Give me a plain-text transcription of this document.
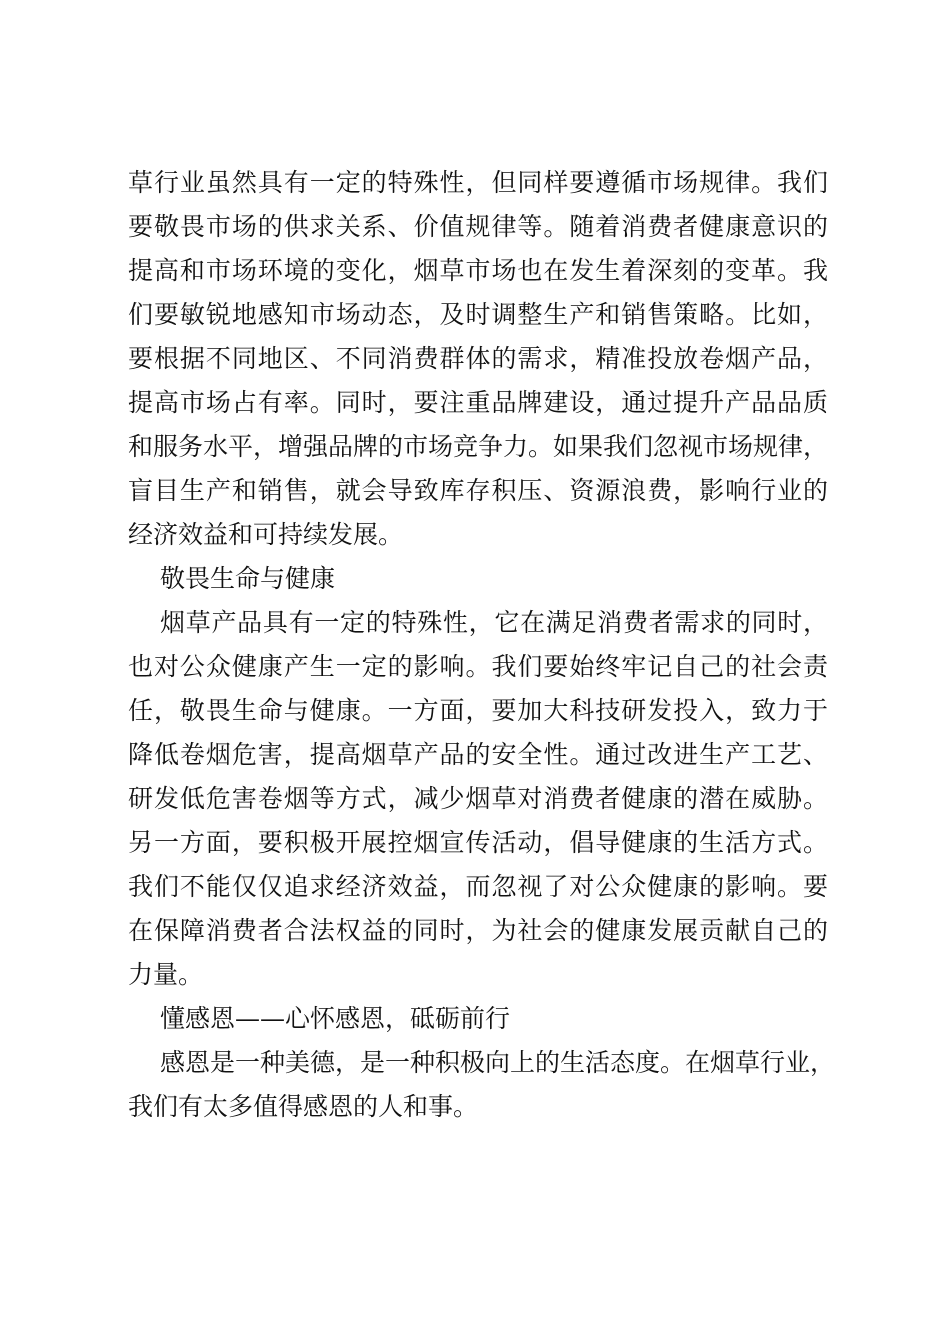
草行业虽然具有一定的特殊性，但同样要遵循市场规律。我们
要敬畏市场的供求关系、价值规律等。随着消费者健康意识的
提高和市场环境的变化，烟草市场也在发生着深刻的变革。我
们要敏锐地感知市场动态，及时调整生产和销售策略。比如，
要根据不同地区、不同消费群体的需求，精准投放卷烟产品，
提高市场占有率。同时，要注重品牌建设，通过提升产品品质
和服务水平，增强品牌的市场竞争力。如果我们忽视市场规律，
盲目生产和销售，就会导致库存积压、资源浪费，影响行业的
经济效益和可持续发展。
敬畏生命与健康
烟草产品具有一定的特殊性，它在满足消费者需求的同时，
也对公众健康产生一定的影响。我们要始终牢记自己的社会责
任，敬畏生命与健康。一方面，要加大科技研发投入，致力于
降低卷烟危害，提高烟草产品的安全性。通过改进生产工艺、
研发低危害卷烟等方式，减少烟草对消费者健康的潜在威胁。
另一方面，要积极开展控烟宣传活动，倡导健康的生活方式。
我们不能仅仅追求经济效益，而忽视了对公众健康的影响。要
在保障消费者合法权益的同时，为社会的健康发展贡献自己的
力量。
懂感恩——心怀感恩，砥砺前行
感恩是一种美德，是一种积极向上的生活态度。在烟草行业，
我们有太多值得感恩的人和事。
